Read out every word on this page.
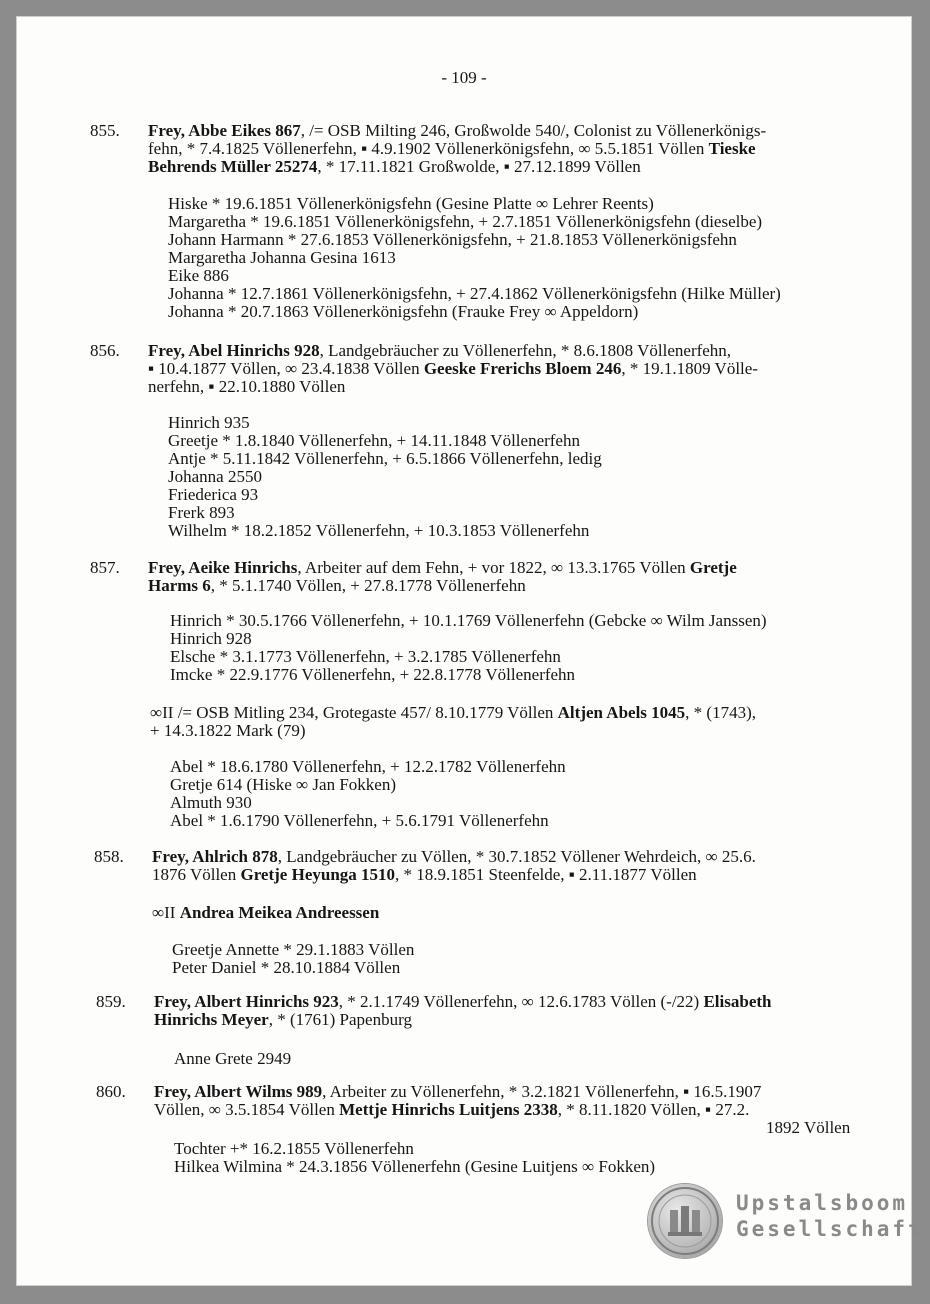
- 109 -
855.	Frey, Abbe Eikes 867, /= OSB Milting 246, Großwolde 540/, Colonist zu Völlenerkönigs-
fehn, * 7.4.1825 Völlenerfehn, ▪ 4.9.1902 Völlenerkönigsfehn, ∞ 5.5.1851 Völlen Tieske
Behrends Müller 25274, * 17.11.1821 Großwolde, ▪ 27.12.1899 Völlen
Hiske * 19.6.1851 Völlenerkönigsfehn (Gesine Platte ∞ Lehrer Reents)
Margaretha * 19.6.1851 Völlenerkönigsfehn, + 2.7.1851 Völlenerkönigsfehn (dieselbe)
Johann Harmann * 27.6.1853 Völlenerkönigsfehn, + 21.8.1853 Völlenerkönigsfehn
Margaretha Johanna Gesina 1613
Eike 886
Johanna * 12.7.1861 Völlenerkönigsfehn, + 27.4.1862 Völlenerkönigsfehn (Hilke Müller)
Johanna * 20.7.1863 Völlenerkönigsfehn (Frauke Frey ∞ Appeldorn)
856.	Frey, Abel Hinrichs 928, Landgebräucher zu Völlenerfehn, * 8.6.1808 Völlenerfehn,
▪ 10.4.1877 Völlen, ∞ 23.4.1838 Völlen Geeske Frerichs Bloem 246, * 19.1.1809 Völle-
nerfehn, ▪ 22.10.1880 Völlen
Hinrich 935
Greetje * 1.8.1840 Völlenerfehn, + 14.11.1848 Völlenerfehn
Antje * 5.11.1842 Völlenerfehn, + 6.5.1866 Völlenerfehn, ledig
Johanna 2550
Friederica 93
Frerk 893
Wilhelm * 18.2.1852 Völlenerfehn, + 10.3.1853 Völlenerfehn
857.	Frey, Aeike Hinrichs, Arbeiter auf dem Fehn, + vor 1822, ∞ 13.3.1765 Völlen Gretje
Harms 6, * 5.1.1740 Völlen, + 27.8.1778 Völlenerfehn
Hinrich * 30.5.1766 Völlenerfehn, + 10.1.1769 Völlenerfehn (Gebcke ∞ Wilm Janssen)
Hinrich 928
Elsche * 3.1.1773 Völlenerfehn, + 3.2.1785 Völlenerfehn
Imcke * 22.9.1776 Völlenerfehn, + 22.8.1778 Völlenerfehn
∞II /= OSB Mitling 234, Grotegaste 457/ 8.10.1779 Völlen Altjen Abels 1045, * (1743),
+ 14.3.1822 Mark (79)
Abel * 18.6.1780 Völlenerfehn, + 12.2.1782 Völlenerfehn
Gretje 614 (Hiske ∞ Jan Fokken)
Almuth 930
Abel * 1.6.1790 Völlenerfehn, + 5.6.1791 Völlenerfehn
858.	Frey, Ahlrich 878, Landgebräucher zu Völlen, * 30.7.1852 Völlener Wehrdeich, ∞ 25.6.
1876 Völlen Gretje Heyunga 1510, * 18.9.1851 Steenfelde, ▪ 2.11.1877 Völlen
∞II Andrea Meikea Andreessen
Greetje Annette * 29.1.1883 Völlen
Peter Daniel * 28.10.1884 Völlen
859.	Frey, Albert Hinrichs 923, * 2.1.1749 Völlenerfehn, ∞ 12.6.1783 Völlen (-/22) Elisabeth
Hinrichs Meyer, * (1761) Papenburg
Anne Grete 2949
860.	Frey, Albert Wilms 989, Arbeiter zu Völlenerfehn, * 3.2.1821 Völlenerfehn, ▪ 16.5.1907
Völlen, ∞ 3.5.1854 Völlen Mettje Hinrichs Luitjens 2338, * 8.11.1820 Völlen, ▪ 27.2.
1892 Völlen
Tochter +* 16.2.1855 Völlenerfehn
Hilkea Wilmina * 24.3.1856 Völlenerfehn (Gesine Luitjens ∞ Fokken)
Upstalsboom
Gesellschaft
